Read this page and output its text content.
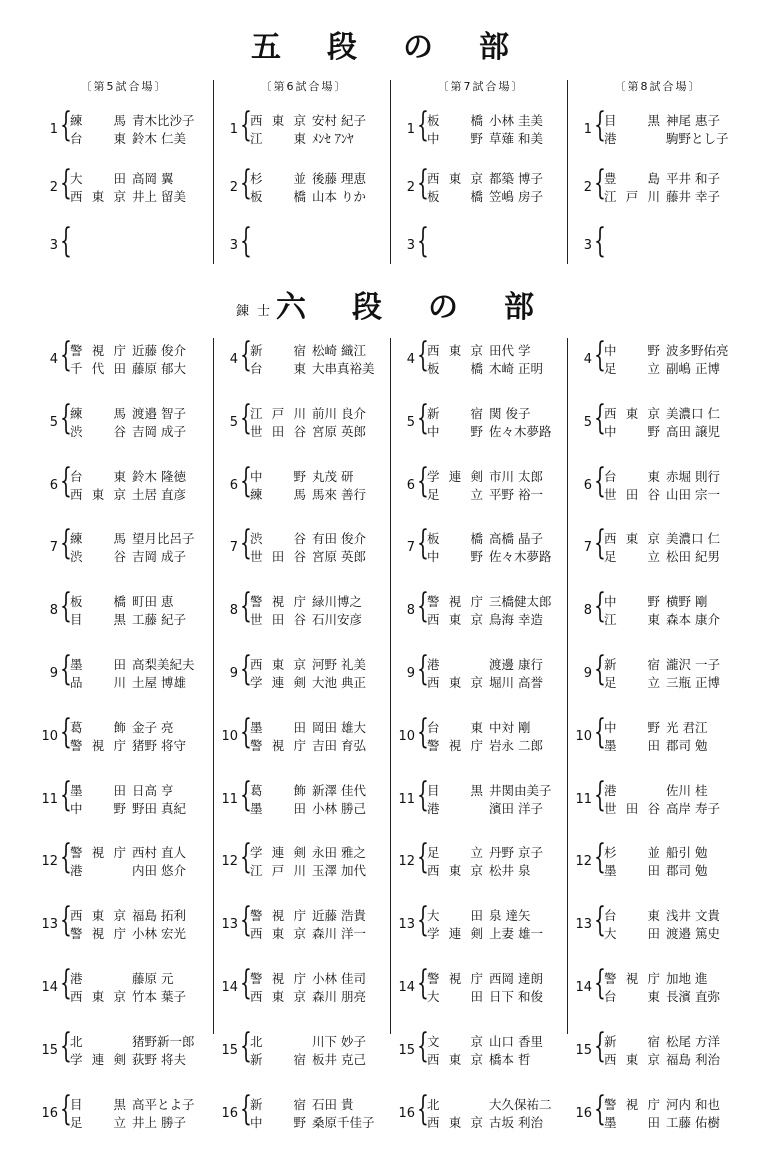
五段の部
錬士
六段の部
〔第5試合場〕
1 {
練馬 青木比沙子
台東 鈴木 仁美
2 {
大田 高岡 翼
西東京 井上 留美
3 {
〔第6試合場〕
1 {
西東京 安村 紀子
江東 ﾒﾝｾ ｱﾝﾔ
2 {
杉並 後藤 理恵
板橋 山本 りか
3 {
〔第7試合場〕
1 {
板橋 小林 圭美
中野 草薙 和美
2 {
西東京 都築 博子
板橋 笠嶋 房子
3 {
〔第8試合場〕
1 {
目黒 神尾 惠子
港	駒野とし子
2 {
豊島 平井 和子
江戸川 藤井 幸子
3 {
4 {
警視庁 近藤 俊介
千代田 藤原 郁大
5 {
練馬 渡邉 智子
渋谷 吉岡 成子
6 {
台東 鈴木 隆徳
西東京 土居 直彦
7 {
練馬 望月比呂子
渋谷 吉岡 成子
8 {
板橋 町田 恵
目黒 工藤 紀子
9 {
墨田 高梨美紀夫
品川 土屋 博雄
10 {
葛飾 金子 亮
警視庁 猪野 将守
11 {
墨田 日高 亨
中野 野田 真紀
12 {
警視庁 西村 直人
港	内田 悠介
13 {
西東京 福島 拓利
警視庁 小林 宏光
14 {
港	藤原 元
西東京 竹本 葉子
15 {
北	猪野新一郎
学連剣 荻野 将夫
16 {
目黒 高平とよ子
足立 井上 勝子
4 {
新宿 松崎 織江
台東 大串真裕美
5 {
江戸川 前川 良介
世田谷 宮原 英郎
6 {
中野 丸茂 研
練馬 馬來 善行
7 {
渋谷 有田 俊介
世田谷 宮原 英郎
8 {
警視庁 緑川博之
世田谷 石川安彦
9 {
西東京 河野 礼美
学連剣 大池 典正
10 {
墨田 岡田 雄大
警視庁 吉田 育弘
11 {
葛飾 新澤 佳代
墨田 小林 勝己
12 {
学連剣 永田 雅之
江戸川 玉澤 加代
13 {
警視庁 近藤 浩貴
西東京 森川 洋一
14 {
警視庁 小林 佳司
西東京 森川 朋亮
15 {
北	川下 妙子
新宿 板井 克己
16 {
新宿 石田 貴
中野 桑原千佳子
4 {
西東京 田代 学
板橋 木崎 正明
5 {
新宿 関 俊子
中野 佐々木夢路
6 {
学連剣 市川 太郎
足立 平野 裕一
7 {
板橋 高橋 晶子
中野 佐々木夢路
8 {
警視庁 三橋健太郎
西東京 鳥海 幸造
9 {
港	渡邊 康行
西東京 堀川 高誉
10 {
台東 中対 剛
警視庁 岩永 二郎
11 {
目黒 井関由美子
港	濱田 洋子
12 {
足立 丹野 京子
西東京 松井 泉
13 {
大田 泉 達矢
学連剣 上妻 雄一
14 {
警視庁 西岡 達朗
大田 日下 和俊
15 {
文京 山口 香里
西東京 橋本 哲
16 {
北	大久保祐二
西東京 古坂 利治
4 {
中野 波多野佑亮
足立 副嶋 正博
5 {
西東京 美濃口 仁
中野 高田 譲児
6 {
台東 赤堀 則行
世田谷 山田 宗一
7 {
西東京 美濃口 仁
足立 松田 紀男
8 {
中野 横野 剛
江東 森本 康介
9 {
新宿 瀧沢 一子
足立 三瓶 正博
10 {
中野 光 君江
墨田 郡司 勉
11 {
港	佐川 桂
世田谷 高岸 寿子
12 {
杉並 船引 勉
墨田 郡司 勉
13 {
台東 浅井 文貴
大田 渡邉 篤史
14 {
警視庁 加地 進
台東 長濱 直弥
15 {
新宿 松尾 方洋
西東京 福島 利治
16 {
警視庁 河内 和也
墨田 工藤 佑樹
